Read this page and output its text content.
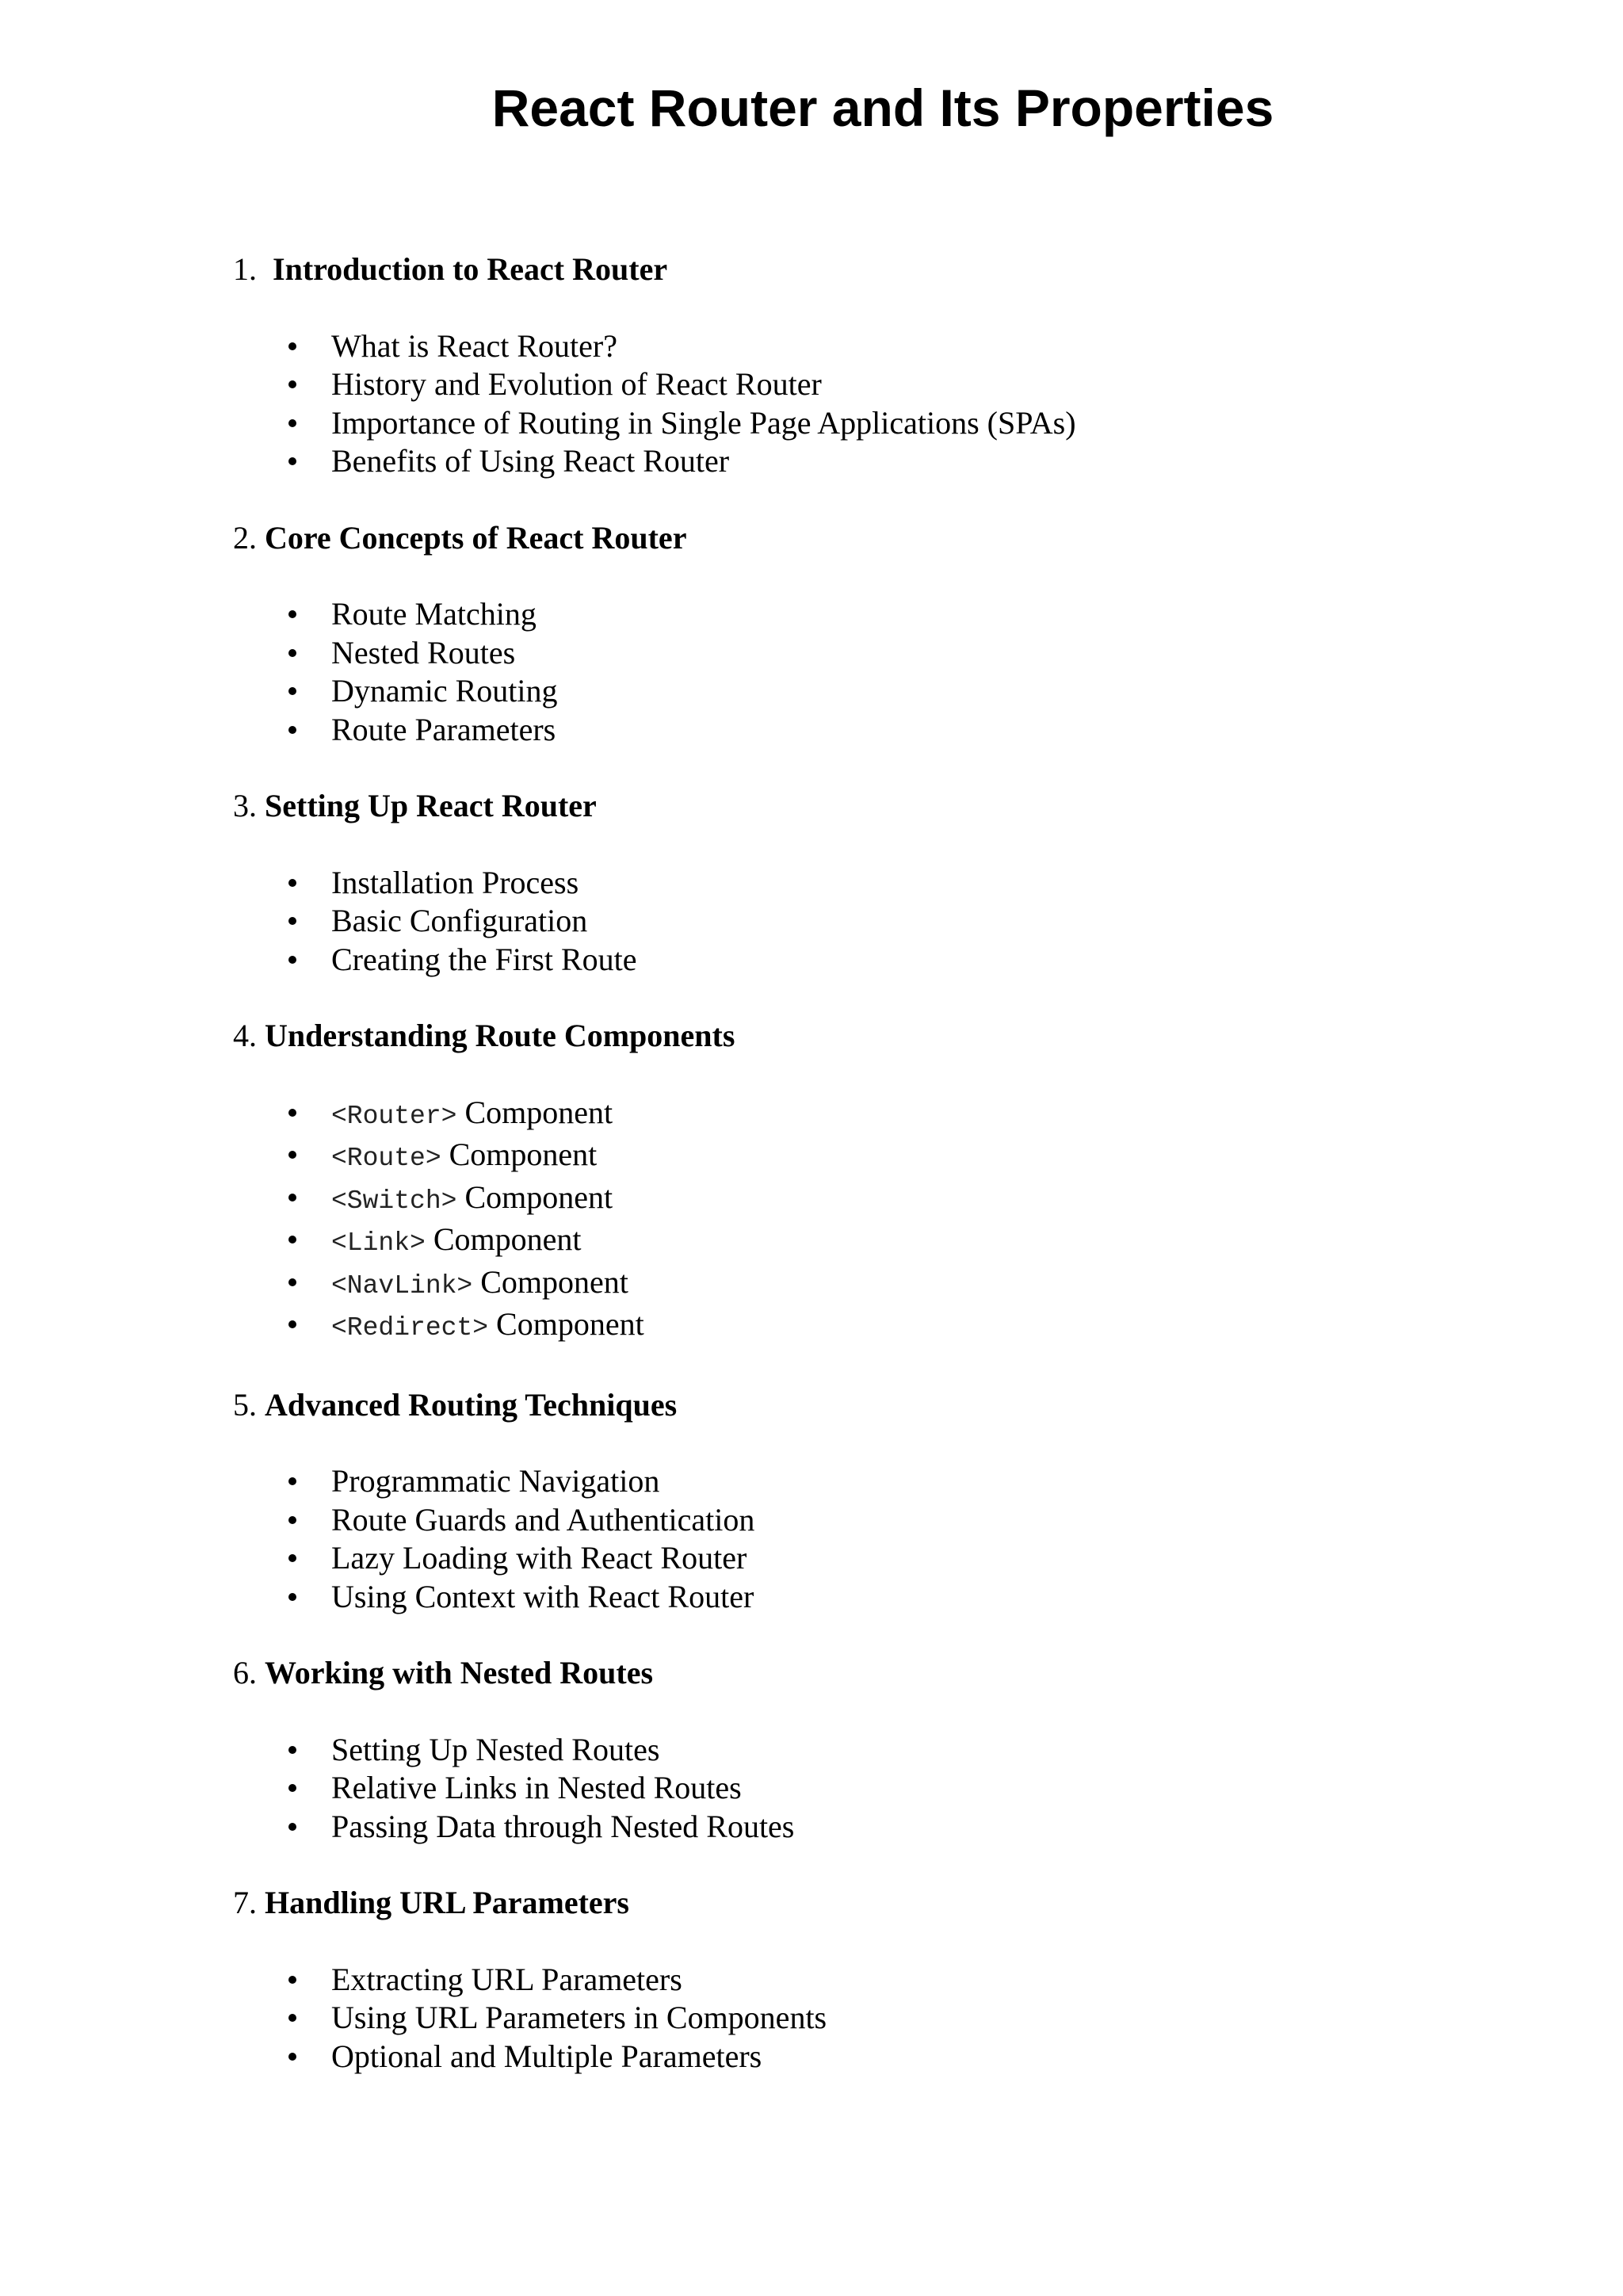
React Router and Its Properties
1. Introduction to React Router
What is React Router?
History and Evolution of React Router
Importance of Routing in Single Page Applications (SPAs)
Benefits of Using React Router
2. Core Concepts of React Router
Route Matching
Nested Routes
Dynamic Routing
Route Parameters
3. Setting Up React Router
Installation Process
Basic Configuration
Creating the First Route
4. Understanding Route Components
<Router> Component
<Route> Component
<Switch> Component
<Link> Component
<NavLink> Component
<Redirect> Component
5. Advanced Routing Techniques
Programmatic Navigation
Route Guards and Authentication
Lazy Loading with React Router
Using Context with React Router
6. Working with Nested Routes
Setting Up Nested Routes
Relative Links in Nested Routes
Passing Data through Nested Routes
7. Handling URL Parameters
Extracting URL Parameters
Using URL Parameters in Components
Optional and Multiple Parameters
